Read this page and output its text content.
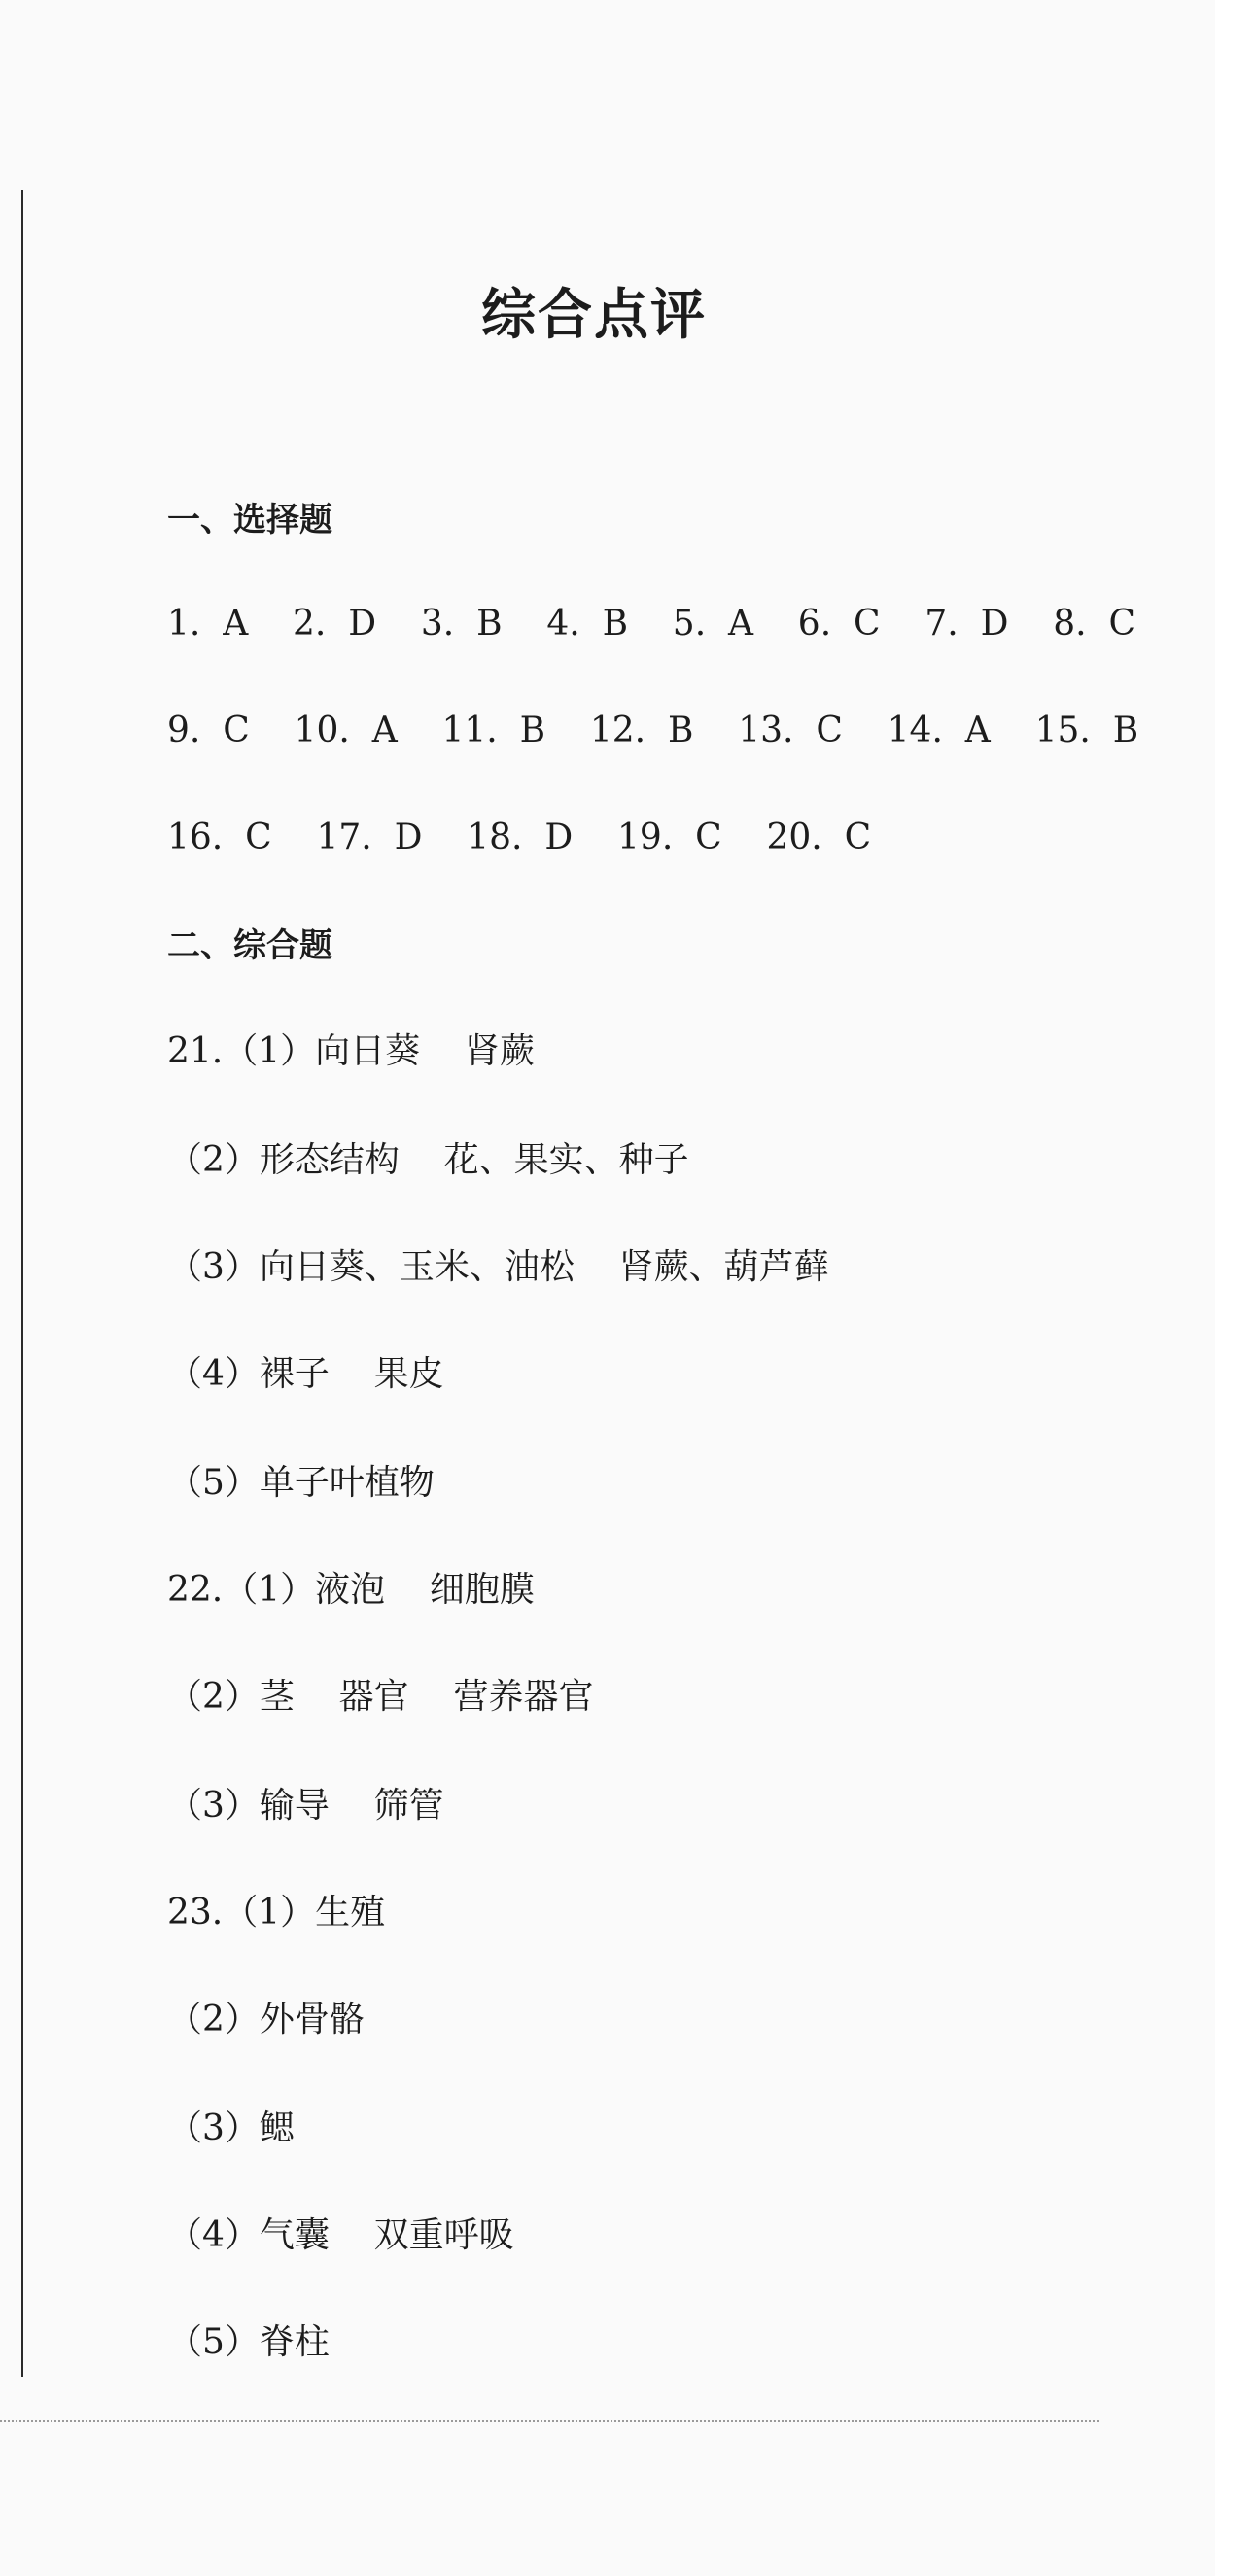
综合点评
一、选择题
1.  A    2.  D    3.  B    4.  B    5.  A    6.  C    7.  D    8.  C
9.  C    10.  A    11.  B    12.  B    13.  C    14.  A    15.  B
16.  C    17.  D    18.  D    19.  C    20.  C
二、综合题
21.（1）向日葵    肾蕨
（2）形态结构    花、果实、种子
（3）向日葵、玉米、油松    肾蕨、葫芦藓
（4）裸子    果皮
（5）单子叶植物
22.（1）液泡    细胞膜
（2）茎    器官    营养器官
（3）输导    筛管
23.（1）生殖
（2）外骨骼
（3）鳃
（4）气囊    双重呼吸
（5）脊柱
